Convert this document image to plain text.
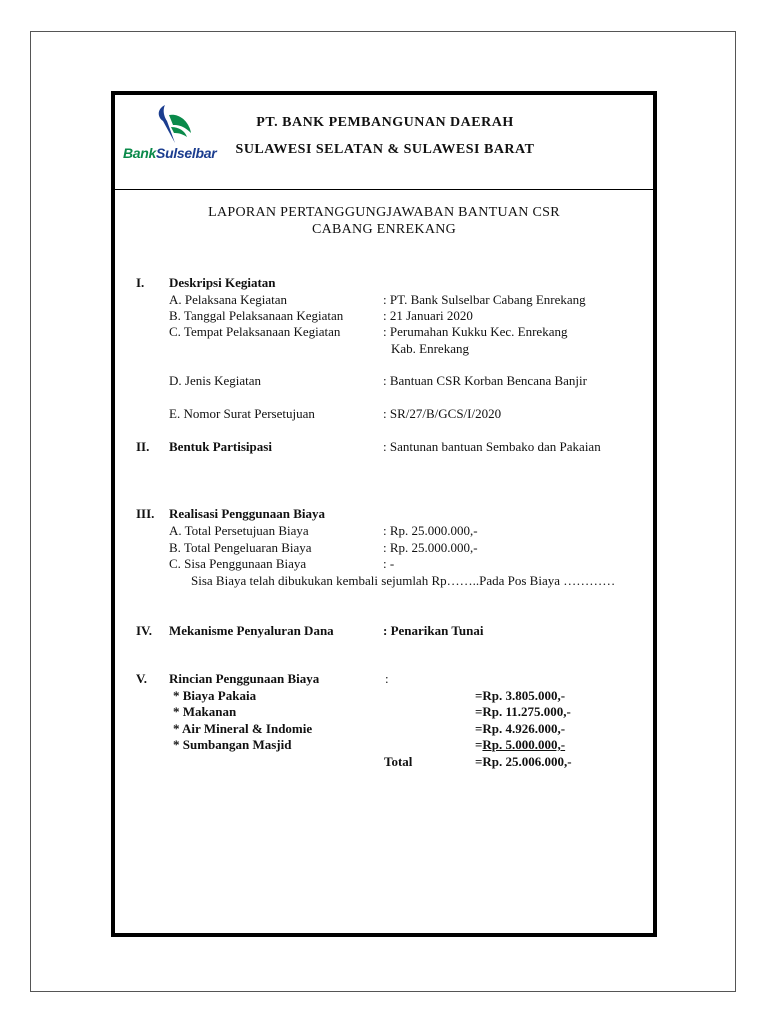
BankSulselbar
PT. BANK PEMBANGUNAN DAERAH
SULAWESI SELATAN & SULAWESI BARAT
LAPORAN PERTANGGUNGJAWABAN BANTUAN CSR
CABANG ENREKANG
I. Deskripsi Kegiatan
A. Pelaksana Kegiatan	: PT. Bank Sulselbar Cabang Enrekang
B. Tanggal Pelaksanaan Kegiatan	: 21 Januari 2020
C. Tempat Pelaksanaan Kegiatan	: Perumahan Kukku Kec. Enrekang
Kab. Enrekang
D. Jenis Kegiatan	: Bantuan CSR Korban Bencana Banjir
E. Nomor Surat Persetujuan	: SR/27/B/GCS/I/2020
II. Bentuk Partisipasi	: Santunan bantuan Sembako dan Pakaian
III. Realisasi Penggunaan Biaya
A. Total Persetujuan Biaya	: Rp. 25.000.000,-
B. Total Pengeluaran Biaya	: Rp. 25.000.000,-
C. Sisa Penggunaan Biaya	: -
Sisa Biaya telah dibukukan kembali sejumlah Rp……..Pada Pos Biaya …………
IV. Mekanisme Penyaluran Dana	: Penarikan Tunai
V. Rincian Penggunaan Biaya	:
* Biaya Pakaia	=Rp. 3.805.000,-
* Makanan	=Rp. 11.275.000,-
* Air Mineral & Indomie	=Rp. 4.926.000,-
* Sumbangan Masjid	=Rp. 5.000.000,-
Total	=Rp. 25.006.000,-
